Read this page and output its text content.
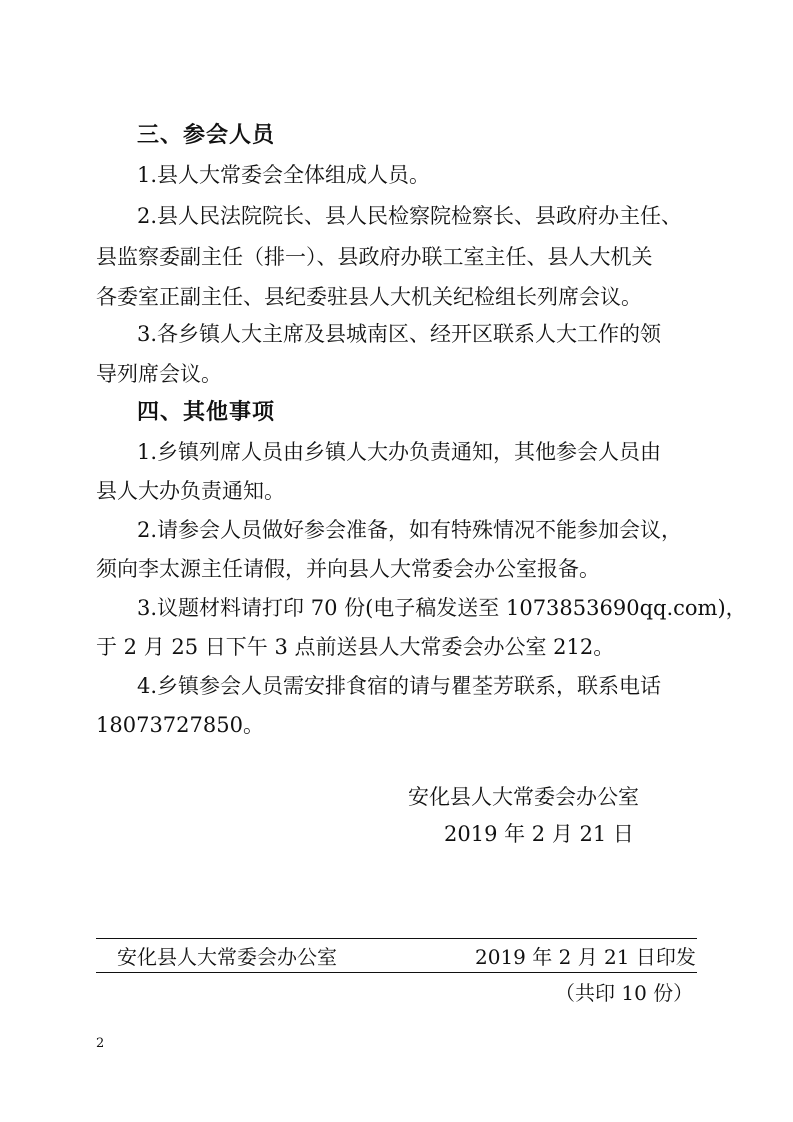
三、参会人员
1.县人大常委会全体组成人员。
2.县人民法院院长、县人民检察院检察长、县政府办主任、
县监察委副主任（排一）、县政府办联工室主任、县人大机关
各委室正副主任、县纪委驻县人大机关纪检组长列席会议。
3.各乡镇人大主席及县城南区、经开区联系人大工作的领
导列席会议。
四、其他事项
1.乡镇列席人员由乡镇人大办负责通知，其他参会人员由
县人大办负责通知。
2.请参会人员做好参会准备，如有特殊情况不能参加会议，
须向李太源主任请假，并向县人大常委会办公室报备。
3.议题材料请打印 70 份(电子稿发送至 1073853690qq.com)，
于 2 月 25 日下午 3 点前送县人大常委会办公室 212。
4.乡镇参会人员需安排食宿的请与瞿荃芳联系，联系电话
18073727850。
安化县人大常委会办公室
2019 年 2 月 21 日
安化县人大常委会办公室	2019 年 2 月 21 日印发
（共印 10 份）
2
